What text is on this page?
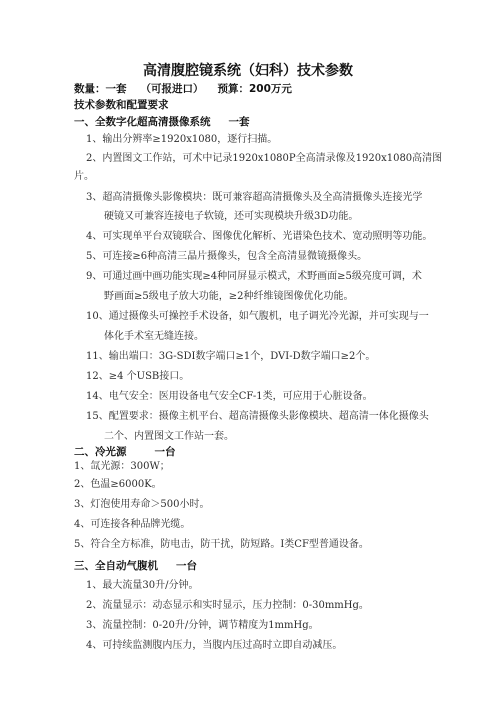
高清腹腔镜系统（妇科）技术参数
数量：一套 （可报进口） 预算：200万元
技术参数和配置要求
一、全数字化超高清摄像系统 一套
1、输出分辨率≥1920x1080，逐行扫描。
2、内置图文工作站，可术中记录1920x1080P全高清录像及1920x1080高清图
片。
3、超高清摄像头影像模块：既可兼容超高清摄像头及全高清摄像头连接光学
硬镜又可兼容连接电子软镜，还可实现模块升级3D功能。
4、可实现单平台双镜联合、图像优化解析、光谱染色技术、宽动照明等功能。
5、可连接≥6种高清三晶片摄像头，包含全高清显微镜摄像头。
9、可通过画中画功能实现≥4种同屏显示模式，术野画面≥5级亮度可调，术
野画面≥5级电子放大功能，≥2种纤维镜图像优化功能。
10、通过摄像头可操控手术设备，如气腹机，电子调光冷光源，并可实现与一
体化手术室无缝连接。
11、输出端口：3G-SDI数字端口≥1个，DVI-D数字端口≥2个。
12、≥4 个USB接口。
14、电气安全：医用设备电气安全CF-1类，可应用于心脏设备。
15、配置要求：摄像主机平台、超高清摄像头影像模块、超高清一体化摄像头
二个、内置图文工作站一套。
二、冷光源	一台
1、氙光源：300W；
2、色温≥6000K。
3、灯泡使用寿命＞500小时。
4、可连接各种品牌光缆。
5、符合全方标准，防电击，防干扰，防短路。Ⅰ类CF型普通设备。
三、全自动气腹机 一台
1、最大流量30升/分钟。
2、流量显示：动态显示和实时显示，压力控制：0-30mmHg。
3、流量控制：0-20升/分钟，调节精度为1mmHg。
4、可持续监测腹内压力，当腹内压过高时立即自动减压。
